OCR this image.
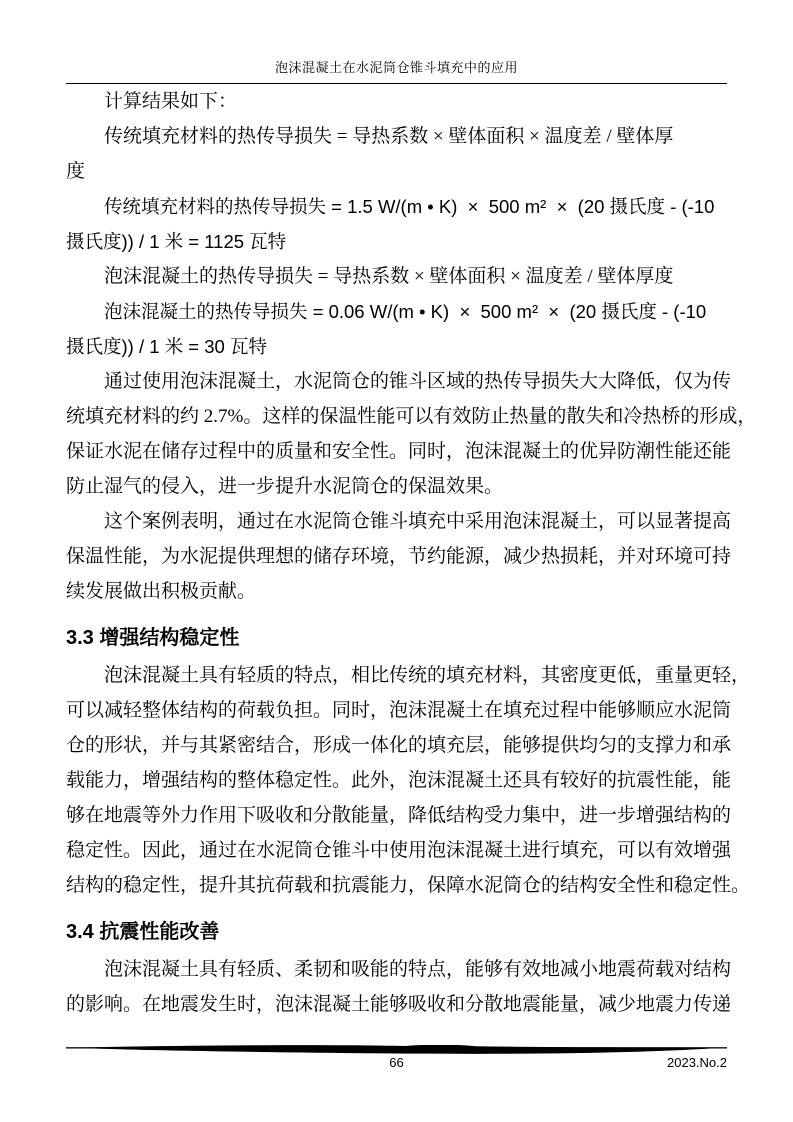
泡沫混凝土在水泥筒仓锥斗填充中的应用
计算结果如下：
传统填充材料的热传导损失 = 导热系数 × 壁体面积 × 温度差 / 壁体厚
度
传统填充材料的热传导损失 = 1.5 W/(m • K)  ×  500 m²  ×  (20 摄氏度 - (-10
摄氏度)) / 1 米 = 1125 瓦特
泡沫混凝土的热传导损失 = 导热系数 × 壁体面积 × 温度差 / 壁体厚度
泡沫混凝土的热传导损失 = 0.06 W/(m • K)  ×  500 m²  ×  (20 摄氏度 - (-10
摄氏度)) / 1 米 = 30 瓦特
通过使用泡沫混凝土，水泥筒仓的锥斗区域的热传导损失大大降低，仅为传
统填充材料的约 2.7%。这样的保温性能可以有效防止热量的散失和冷热桥的形成，
保证水泥在储存过程中的质量和安全性。同时，泡沫混凝土的优异防潮性能还能
防止湿气的侵入，进一步提升水泥筒仓的保温效果。
这个案例表明，通过在水泥筒仓锥斗填充中采用泡沫混凝土，可以显著提高
保温性能，为水泥提供理想的储存环境，节约能源，减少热损耗，并对环境可持
续发展做出积极贡献。
3.3 增强结构稳定性
泡沫混凝土具有轻质的特点，相比传统的填充材料，其密度更低，重量更轻，
可以减轻整体结构的荷载负担。同时，泡沫混凝土在填充过程中能够顺应水泥筒
仓的形状，并与其紧密结合，形成一体化的填充层，能够提供均匀的支撑力和承
载能力，增强结构的整体稳定性。此外，泡沫混凝土还具有较好的抗震性能，能
够在地震等外力作用下吸收和分散能量，降低结构受力集中，进一步增强结构的
稳定性。因此，通过在水泥筒仓锥斗中使用泡沫混凝土进行填充，可以有效增强
结构的稳定性，提升其抗荷载和抗震能力，保障水泥筒仓的结构安全性和稳定性。
3.4 抗震性能改善
泡沫混凝土具有轻质、柔韧和吸能的特点，能够有效地减小地震荷载对结构
的影响。在地震发生时，泡沫混凝土能够吸收和分散地震能量，减少地震力传递
66	2023.No.2
